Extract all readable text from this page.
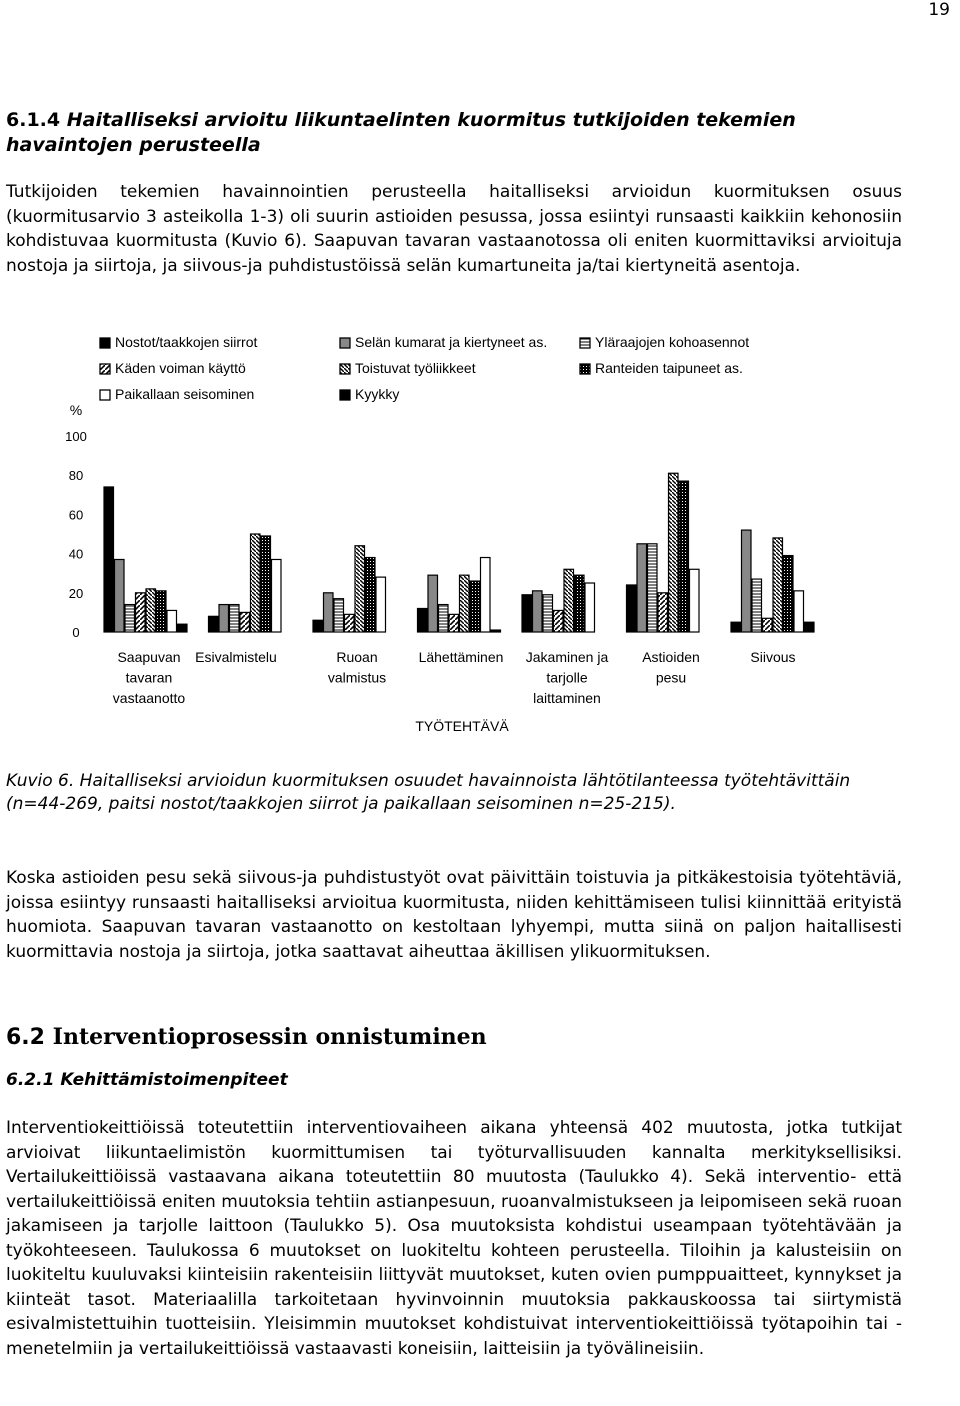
19
6.1.4 Haitalliseksi arvioitu liikuntaelinten kuormitus tutkijoiden tekemien havaintojen perusteella
Tutkijoiden tekemien havainnointien perusteella haitalliseksi arvioidun kuormituksen osuus (kuormitusarvio 3 asteikolla 1-3) oli suurin astioiden pesussa, jossa esiintyi runsaasti kaikkiin kehonosiin kohdistuvaa kuormitusta (Kuvio 6). Saapuvan tavaran vastaanotossa oli eniten kuormittaviksi arvioituja nostoja ja siirtoja, ja siivous-ja puhdistustöissä selän kumartuneita ja/tai kiertyneitä asentoja.
Nostot/taakkojen siirrot	Selän kumarat ja kiertyneet as.	Yläraajojen kohoasennot
Käden voiman käyttö	Toistuvat työliikkeet	Ranteiden taipuneet as.
Paikallaan seisominen	Kyykky
%
0
20
40
60
80
100
Saapuvan
tavaran
vastaanotto
Esivalmistelu	Ruoan
valmistus
Lähettäminen Jakaminen ja
tarjolle
laittaminen
Astioiden
pesu
Siivous
TYÖTEHTÄVÄ
Kuvio 6. Haitalliseksi arvioidun kuormituksen osuudet havainnoista lähtötilanteessa työtehtävittäin (n=44-269, paitsi nostot/taakkojen siirrot ja paikallaan seisominen n=25-215).
Koska astioiden pesu sekä siivous-ja puhdistustyöt ovat päivittäin toistuvia ja pitkäkestoisia työtehtäviä, joissa esiintyy runsaasti haitalliseksi arvioitua kuormitusta, niiden kehittämiseen tulisi kiinnittää erityistä huomiota. Saapuvan tavaran vastaanotto on kestoltaan lyhyempi, mutta siinä on paljon haitallisesti kuormittavia nostoja ja siirtoja, jotka saattavat aiheuttaa äkillisen ylikuormituksen.
6.2 Interventioprosessin onnistuminen
6.2.1 Kehittämistoimenpiteet
Interventiokeittiöissä toteutettiin interventiovaiheen aikana yhteensä 402 muutosta, jotka tutkijat arvioivat liikuntaelimistön kuormittumisen tai työturvallisuuden kannalta merkityksellisiksi. Vertailukeittiöissä vastaavana aikana toteutettiin 80 muutosta (Taulukko 4). Sekä interventio- että vertailukeittiöissä eniten muutoksia tehtiin astianpesuun, ruoanvalmistukseen ja leipomiseen sekä ruoan jakamiseen ja tarjolle laittoon (Taulukko 5). Osa muutoksista kohdistui useampaan työtehtävään ja työkohteeseen. Taulukossa 6 muutokset on luokiteltu kohteen perusteella. Tiloihin ja kalusteisiin on luokiteltu kuuluvaksi kiinteisiin rakenteisiin liittyvät muutokset, kuten ovien pumppuaitteet, kynnykset ja kiinteät tasot. Materiaalilla tarkoitetaan hyvinvoinnin muutoksia pakkauskoossa tai siirtymistä esivalmistettuihin tuotteisiin. Yleisimmin muutokset kohdistuivat interventiokeittiöissä työtapoihin tai -menetelmiin ja vertailukeittiöissä vastaavasti koneisiin, laitteisiin ja työvälineisiin.
